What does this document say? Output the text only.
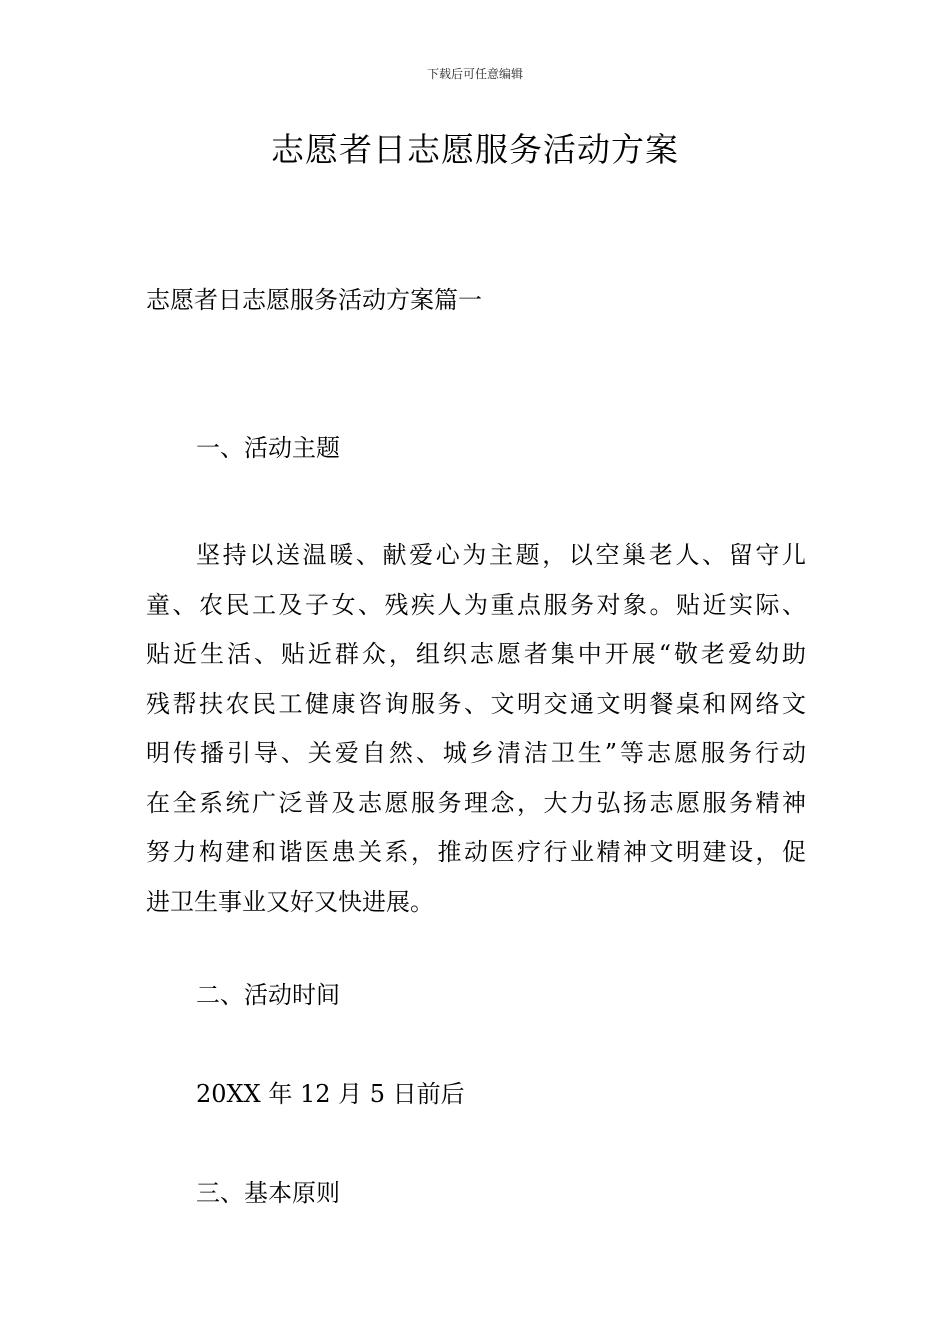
下载后可任意编辑
志愿者日志愿服务活动方案
志愿者日志愿服务活动方案篇一
一、活动主题
坚持以送温暖、献爱心为主题，以空巢老人、留守儿
童、农民工及子女、残疾人为重点服务对象。贴近实际、
贴近生活、贴近群众，组织志愿者集中开展“敬老爱幼助
残帮扶农民工健康咨询服务、文明交通文明餐桌和网络文
明传播引导、关爱自然、城乡清洁卫生”等志愿服务行动
在全系统广泛普及志愿服务理念，大力弘扬志愿服务精神
努力构建和谐医患关系，推动医疗行业精神文明建设，促
进卫生事业又好又快进展。
二、活动时间
20XX 年 12 月 5 日前后
三、基本原则
